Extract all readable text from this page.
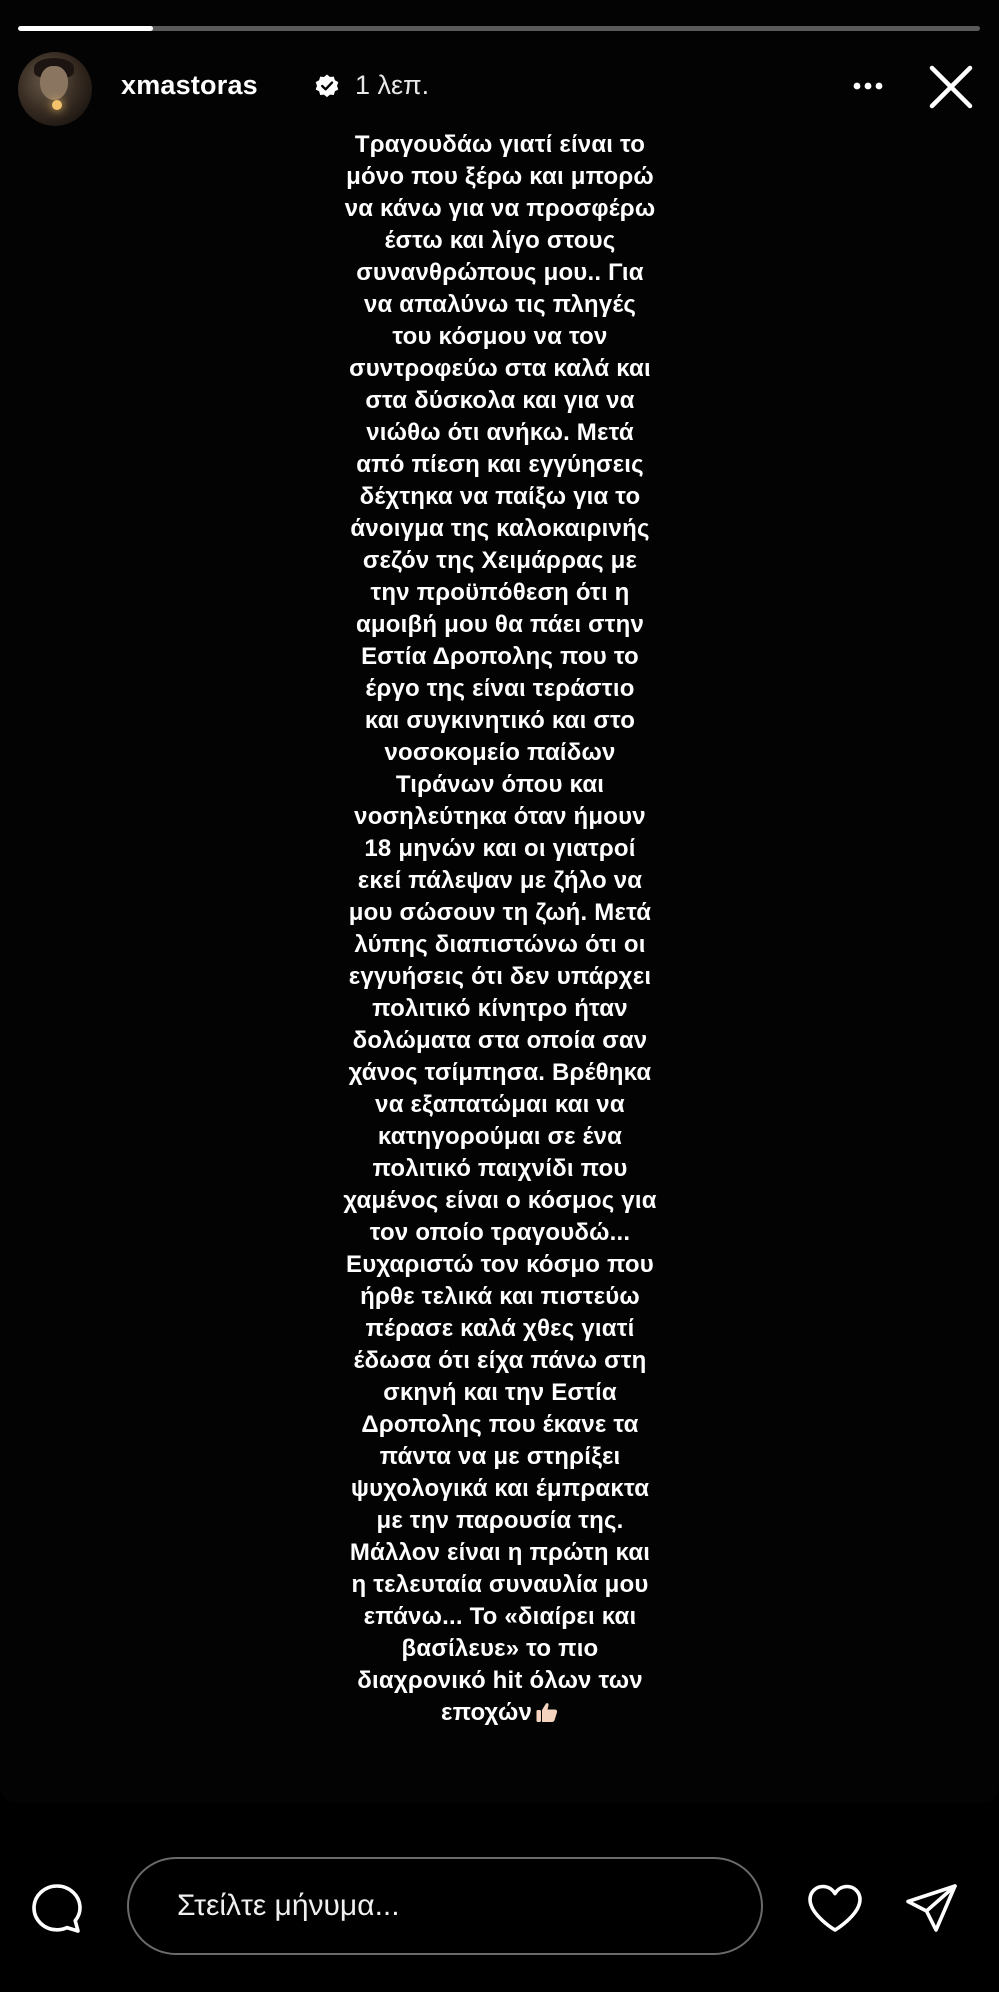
xmastoras	1 λεπ.
Τραγουδάω γιατί είναι το
μόνο που ξέρω και μπορώ
να κάνω για να προσφέρω
έστω και λίγο στους
συνανθρώπους μου.. Για
να απαλύνω τις πληγές
του κόσμου να τον
συντροφεύω στα καλά και
στα δύσκολα και για να
νιώθω ότι ανήκω. Μετά
από πίεση και εγγύησεις
δέχτηκα να παίξω για το
άνοιγμα της καλοκαιρινής
σεζόν της Χειμάρρας με
την προϋπόθεση ότι η
αμοιβή μου θα πάει στην
Εστία Δροπολης που το
έργο της είναι τεράστιο
και συγκινητικό και στο
νοσοκομείο παίδων
Τιράνων όπου και
νοσηλεύτηκα όταν ήμουν
18 μηνών και οι γιατροί
εκεί πάλεψαν με ζήλο να
μου σώσουν τη ζωή. Μετά
λύπης διαπιστώνω ότι οι
εγγυήσεις ότι δεν υπάρχει
πολιτικό κίνητρο ήταν
δολώματα στα οποία σαν
χάνος τσίμπησα. Βρέθηκα
να εξαπατώμαι και να
κατηγορούμαι σε ένα
πολιτικό παιχνίδι που
χαμένος είναι ο κόσμος για
τον οποίο τραγουδώ...
Ευχαριστώ τον κόσμο που
ήρθε τελικά και πιστεύω
πέρασε καλά χθες γιατί
έδωσα ότι είχα πάνω στη
σκηνή και την Εστία
Δροπολης που έκανε τα
πάντα να με στηρίξει
ψυχολογικά και έμπρακτα
με την παρουσία της.
Μάλλον είναι η πρώτη και
η τελευταία συναυλία μου
επάνω... Το «διαίρει και
βασίλευε» το πιο
διαχρονικό hit όλων των
εποχών
Στείλτε μήνυμα...
